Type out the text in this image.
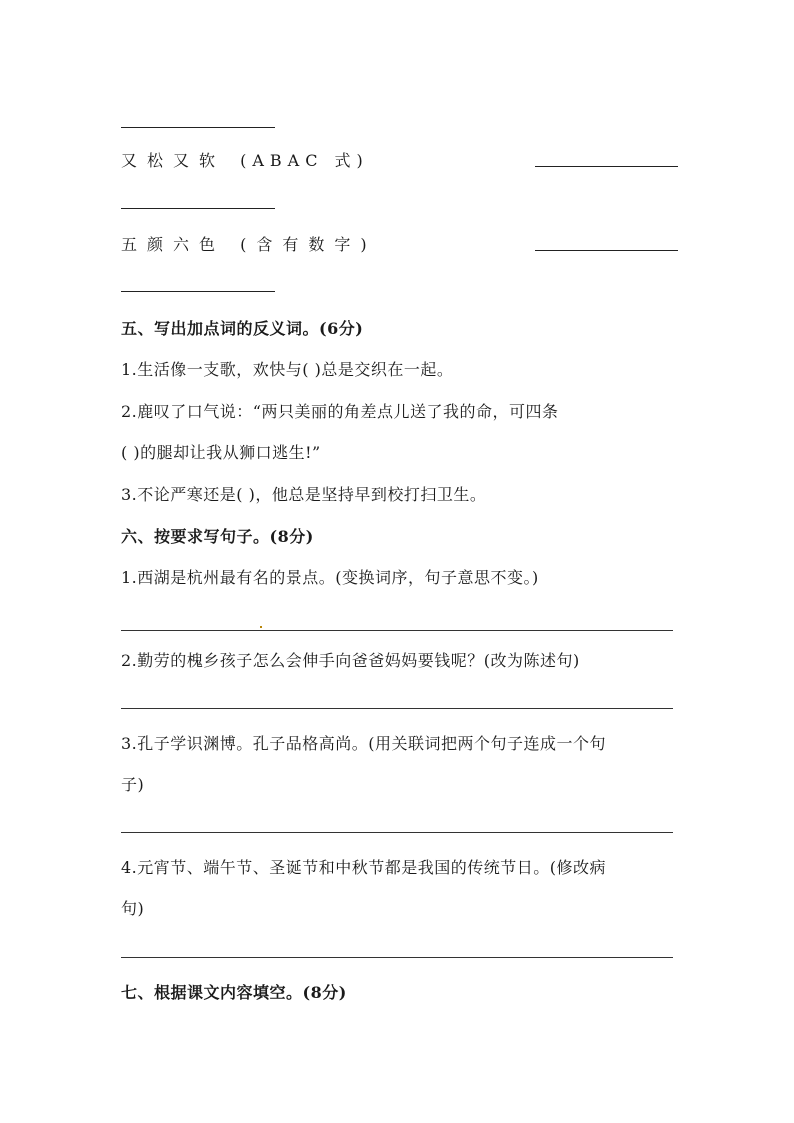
又松又软 (ABAC 式)
五颜六色 (含有数字)
五、写出加点词的反义词。(6分)
1.生活像一支歌，欢快与( )总是交织在一起。
2.鹿叹了口气说：“两只美丽的角差点儿送了我的命，可四条
( )的腿却让我从狮口逃生!”
3.不论严寒还是( )，他总是坚持早到校打扫卫生。
六、按要求写句子。(8分)
1.西湖是杭州最有名的景点。(变换词序，句子意思不变。)
2.勤劳的槐乡孩子怎么会伸手向爸爸妈妈要钱呢？(改为陈述句)
3.孔子学识渊博。孔子品格高尚。(用关联词把两个句子连成一个句
子)
4.元宵节、端午节、圣诞节和中秋节都是我国的传统节日。(修改病
句)
七、根据课文内容填空。(8分)
